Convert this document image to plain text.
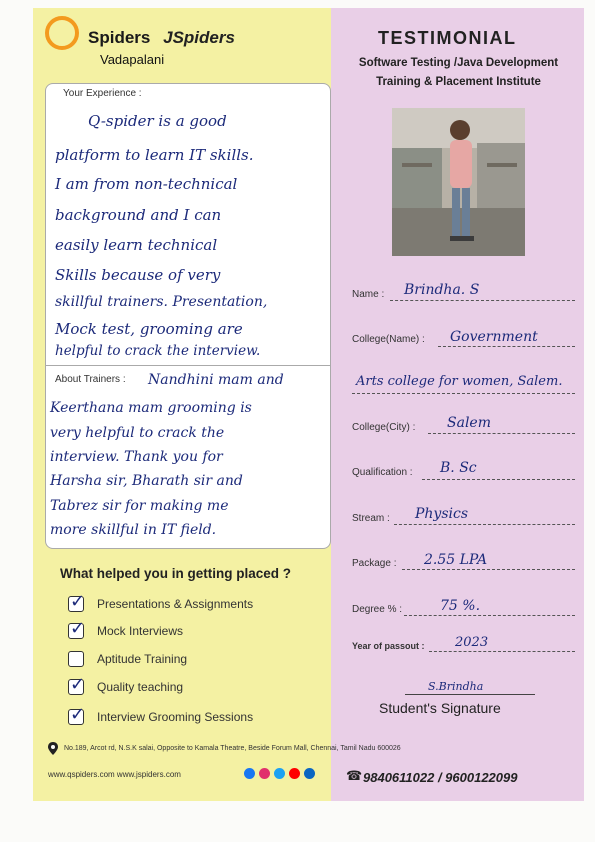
Spiders JSpiders
Vadapalani
TESTIMONIAL
Software Testing /Java Development
Training & Placement Institute
Your Experience :
Q-spider is a good
platform to learn IT skills.
I am from non-technical
background and I can
easily learn technical
Skills because of very
skillful trainers. Presentation,
Mock test, grooming are
helpful to crack the interview.
About Trainers : Nandhini mam and
Keerthana mam grooming is
very helpful to crack the
interview. Thank you for
Harsha sir, Bharath sir and
Tabrez sir for making me
more skillful in IT field.
What helped you in getting placed ?
✓ Presentations & Assignments
✓ Mock Interviews
Aptitude Training
✓ Quality teaching
✓ Interview Grooming Sessions
Name : Brindha. S
College(Name) : Government
Arts college for women, Salem.
College(City) : Salem
Qualification : B. Sc
Stream : Physics
Package : 2.55 LPA
Degree % :	75 %.
Year of passout : 2023
S.Brindha
Student's Signature
No.189, Arcot rd, N.S.K salai, Opposite to Kamala Theatre, Beside Forum Mall, Chennai, Tamil Nadu 600026
www.qspiders.com www.jspiders.com	☎ 9840611022 / 9600122099
